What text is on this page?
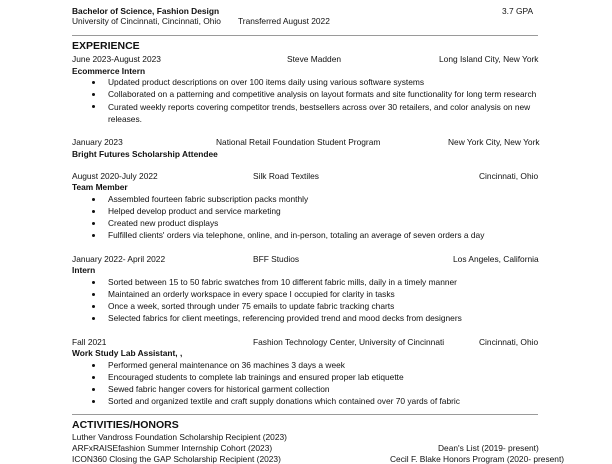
Bachelor of Science, Fashion Design	3.7 GPA
University of Cincinnati, Cincinnati, Ohio Transferred August 2022
EXPERIENCE
June 2023-August 2023	Steve Madden	Long Island City, New York
Ecommerce Intern
Updated product descriptions on over 100 items daily using various software systems
Collaborated on a patterning and competitive analysis on layout formats and site functionality for long term research
Curated weekly reports covering competitor trends, bestsellers across over 30 retailers, and color analysis on new releases.
January 2023	National Retail Foundation Student Program	New York City, New York
Bright Futures Scholarship Attendee
August 2020-July 2022	Silk Road Textiles	Cincinnati, Ohio
Team Member
Assembled fourteen fabric subscription packs monthly
Helped develop product and service marketing
Created new product displays
Fulfilled clients' orders via telephone, online, and in-person, totaling an average of seven orders a day
January 2022- April 2022	BFF Studios	Los Angeles, California
Intern
Sorted between 15 to 50 fabric swatches from 10 different fabric mills, daily in a timely manner
Maintained an orderly workspace in every space I occupied for clarity in tasks
Once a week, sorted through under 75 emails to update fabric tracking charts
Selected fabrics for client meetings, referencing provided trend and mood decks from designers
Fall 2021	Fashion Technology Center, University of Cincinnati	Cincinnati, Ohio
Work Study Lab Assistant, ,
Performed general maintenance on 36 machines 3 days a week
Encouraged students to complete lab trainings and ensured proper lab etiquette
Sewed fabric hanger covers for historical garment collection
Sorted and organized textile and craft supply donations which contained over 70 yards of fabric
ACTIVITIES/HONORS
Luther Vandross Foundation Scholarship Recipient (2023)
ARFxRAISEfashion Summer Internship Cohort (2023)
ICON360 Closing the GAP Scholarship Recipient (2023)
Dean's List (2019- present)
Cecil F. Blake Honors Program (2020- present)
